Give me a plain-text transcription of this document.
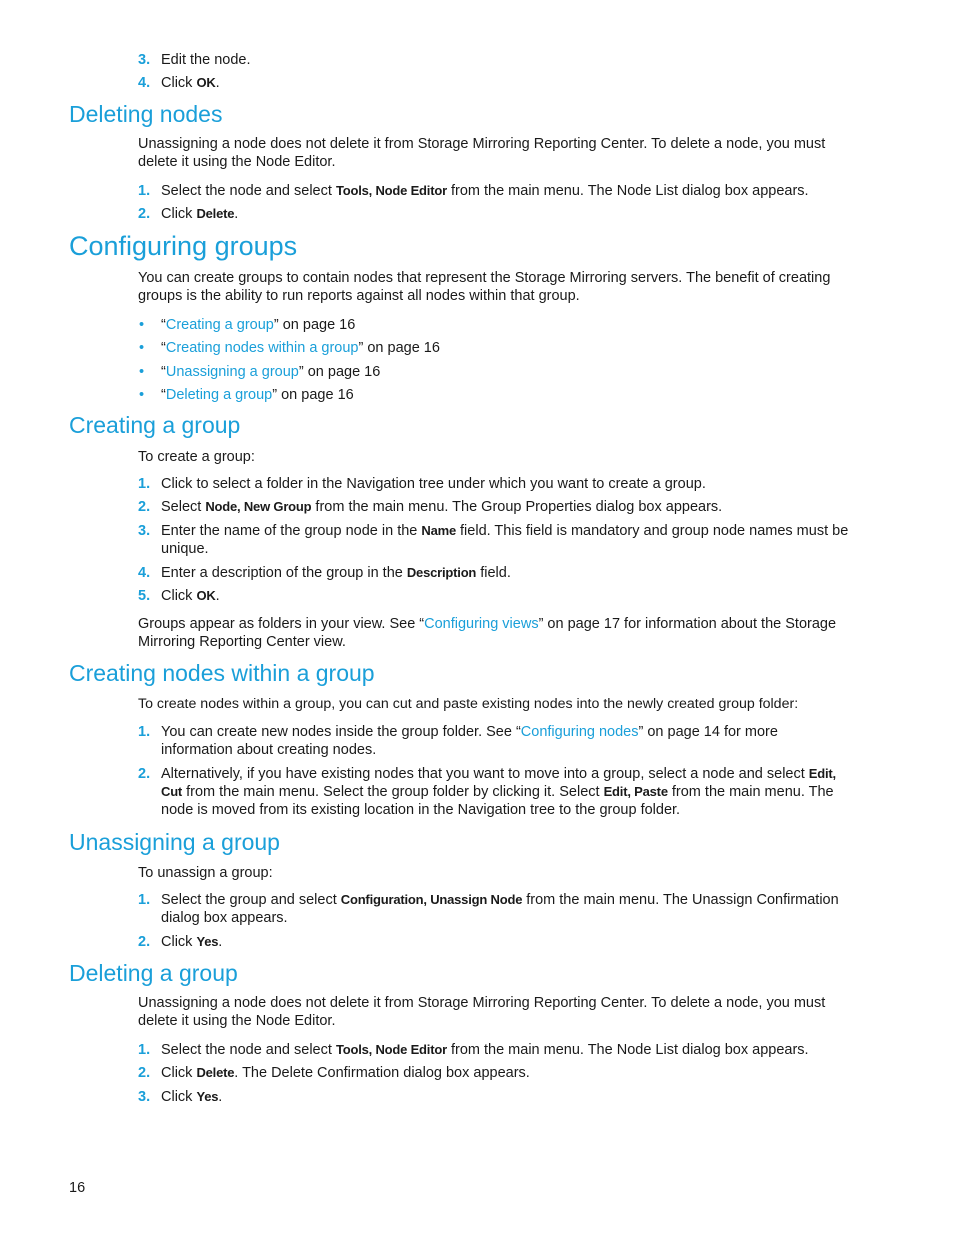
3. Edit the node.
4. Click OK.
Deleting nodes

Unassigning a node does not delete it from Storage Mirroring Reporting Center. To delete a node, you must delete it using the Node Editor.

1. Select the node and select Tools, Node Editor from the main menu. The Node List dialog box appears.
2. Click Delete.
Configuring groups

You can create groups to contain nodes that represent the Storage Mirroring servers. The benefit of creating groups is the ability to run reports against all nodes within that group.

•	“Creating a group” on page 16
•	“Creating nodes within a group” on page 16
•	“Unassigning a group” on page 16
•	“Deleting a group” on page 16
Creating a group

To create a group:

1. Click to select a folder in the Navigation tree under which you want to create a group.
2. Select Node, New Group from the main menu. The Group Properties dialog box appears.
3. Enter the name of the group node in the Name field. This field is mandatory and group node names must be unique.
4. Enter a description of the group in the Description field.
5. Click OK.

Groups appear as folders in your view. See “Configuring views” on page 17 for information about the Storage Mirroring Reporting Center view.

Creating nodes within a group

To create nodes within a group, you can cut and paste existing nodes into the newly created group folder:

1. You can create new nodes inside the group folder. See “Configuring nodes” on page 14 for more information about creating nodes.
2. Alternatively, if you have existing nodes that you want to move into a group, select a node and select Edit, Cut from the main menu. Select the group folder by clicking it. Select Edit, Paste from the main menu. The node is moved from its existing location in the Navigation tree to the group folder.
Unassigning a group

To unassign a group:

1. Select the group and select Configuration, Unassign Node from the main menu. The Unassign Confirmation dialog box appears.
2. Click Yes.
Deleting a group

Unassigning a node does not delete it from Storage Mirroring Reporting Center. To delete a node, you must delete it using the Node Editor.

1. Select the node and select Tools, Node Editor from the main menu. The Node List dialog box appears.
2. Click Delete. The Delete Confirmation dialog box appears.
3. Click Yes.
16
